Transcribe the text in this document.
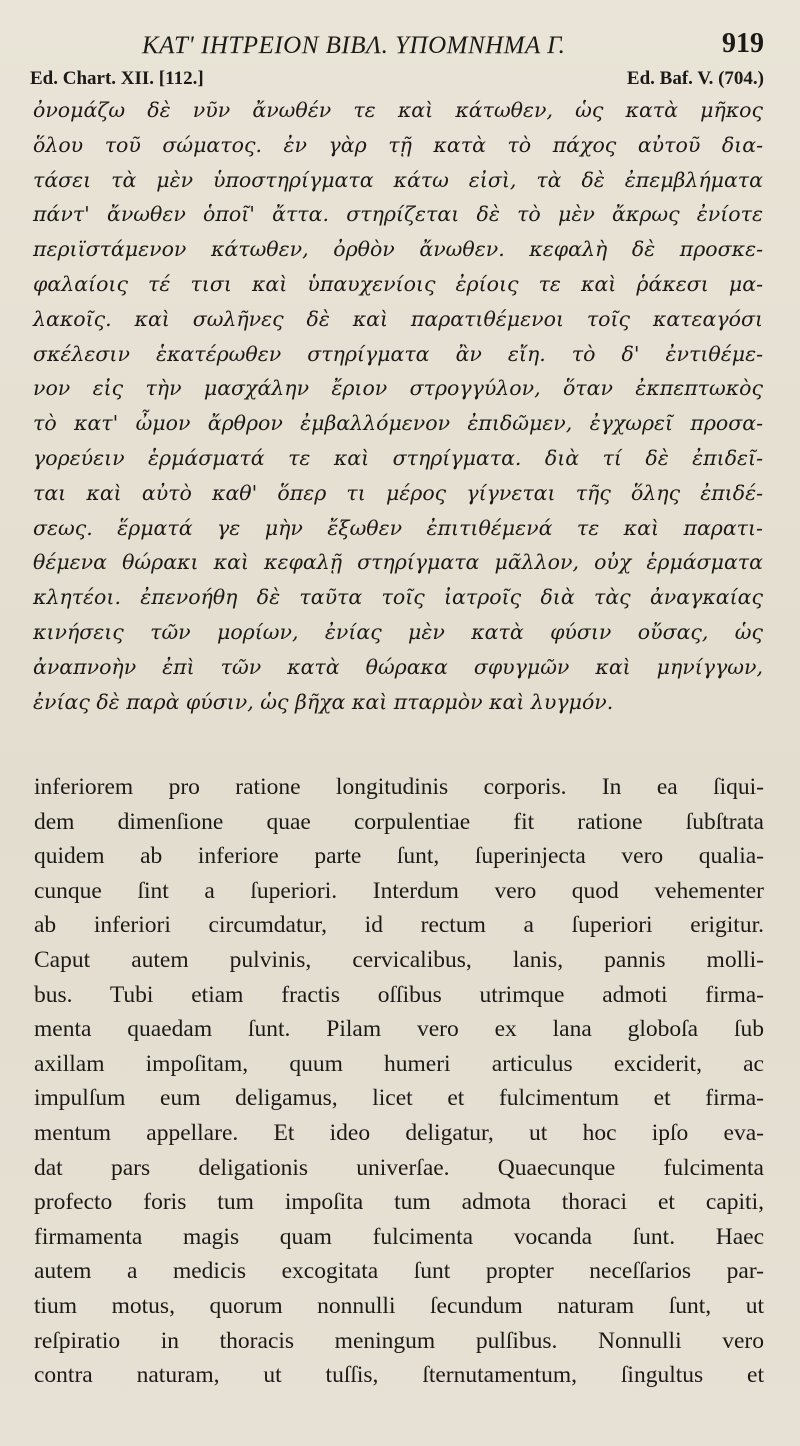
ΚΑΤ' ΙΗΤΡΕΙΟΝ ΒΙΒΛ. ΥΠΟΜΝΗΜΑ Γ.	919
Ed. Chart. XII. [112.]	Ed. Baf. V. (704.)
ὀνομάζω δὲ νῦν ἄνωθέν τε καὶ κάτωθεν, ὡς κατὰ μῆκος
ὅλου τοῦ σώματος. ἐν γὰρ τῇ κατὰ τὸ πάχος αὐτοῦ δια-
τάσει τὰ μὲν ὑποστηρίγματα κάτω εἰσὶ, τὰ δὲ ἐπεμβλήματα
πάντ' ἄνωθεν ὁποῖ' ἄττα. στηρίζεται δὲ τὸ μὲν ἄκρως ἐνίοτε
περιϊστάμενον κάτωθεν, ὀρθὸν ἄνωθεν. κεφαλὴ δὲ προσκε-
φαλαίοις τέ τισι καὶ ὑπαυχενίοις ἐρίοις τε καὶ ῥάκεσι μα-
λακοῖς. καὶ σωλῆνες δὲ καὶ παρατιθέμενοι τοῖς κατεαγόσι
σκέλεσιν ἑκατέρωθεν στηρίγματα ἂν εἴη. τὸ δ' ἐντιθέμε-
νον εἰς τὴν μασχάλην ἔριον στρογγύλον, ὅταν ἐκπεπτωκὸς
τὸ κατ' ὦμον ἄρθρον ἐμβαλλόμενον ἐπιδῶμεν, ἐγχωρεῖ προσα-
γορεύειν ἑρμάσματά τε καὶ στηρίγματα. διὰ τί δὲ ἐπιδεῖ-
ται καὶ αὐτὸ καθ' ὅπερ τι μέρος γίγνεται τῆς ὅλης ἐπιδέ-
σεως. ἕρματά γε μὴν ἔξωθεν ἐπιτιθέμενά τε καὶ παρατι-
θέμενα θώρακι καὶ κεφαλῇ στηρίγματα μᾶλλον, οὐχ ἑρμάσματα
κλητέοι. ἐπενοήθη δὲ ταῦτα τοῖς ἰατροῖς διὰ τὰς ἀναγκαίας
κινήσεις τῶν μορίων, ἐνίας μὲν κατὰ φύσιν οὔσας, ὡς
ἀναπνοὴν ἐπὶ τῶν κατὰ θώρακα σφυγμῶν καὶ μηνίγγων,
ἐνίας δὲ παρὰ φύσιν, ὡς βῆχα καὶ πταρμὸν καὶ λυγμόν.
inferiorem pro ratione longitudinis corporis. In ea ſiqui-
dem dimenſione quae corpulentiae fit ratione ſubſtrata
quidem ab inferiore parte ſunt, ſuperinjecta vero qualia-
cunque ſint a ſuperiori. Interdum vero quod vehementer
ab inferiori circumdatur, id rectum a ſuperiori erigitur.
Caput autem pulvinis, cervicalibus, lanis, pannis molli-
bus. Tubi etiam fractis oſſibus utrimque admoti firma-
menta quaedam ſunt. Pilam vero ex lana globoſa ſub
axillam impoſitam, quum humeri articulus exciderit, ac
impulſum eum deligamus, licet et fulcimentum et firma-
mentum appellare. Et ideo deligatur, ut hoc ipſo eva-
dat pars deligationis univerſae. Quaecunque fulcimenta
profecto foris tum impoſita tum admota thoraci et capiti,
firmamenta magis quam fulcimenta vocanda ſunt. Haec
autem a medicis excogitata ſunt propter neceſſarios par-
tium motus, quorum nonnulli ſecundum naturam ſunt, ut
reſpiratio in thoracis meningum pulſibus. Nonnulli vero
contra naturam, ut tuſſis, ſternutamentum, ſingultus et
